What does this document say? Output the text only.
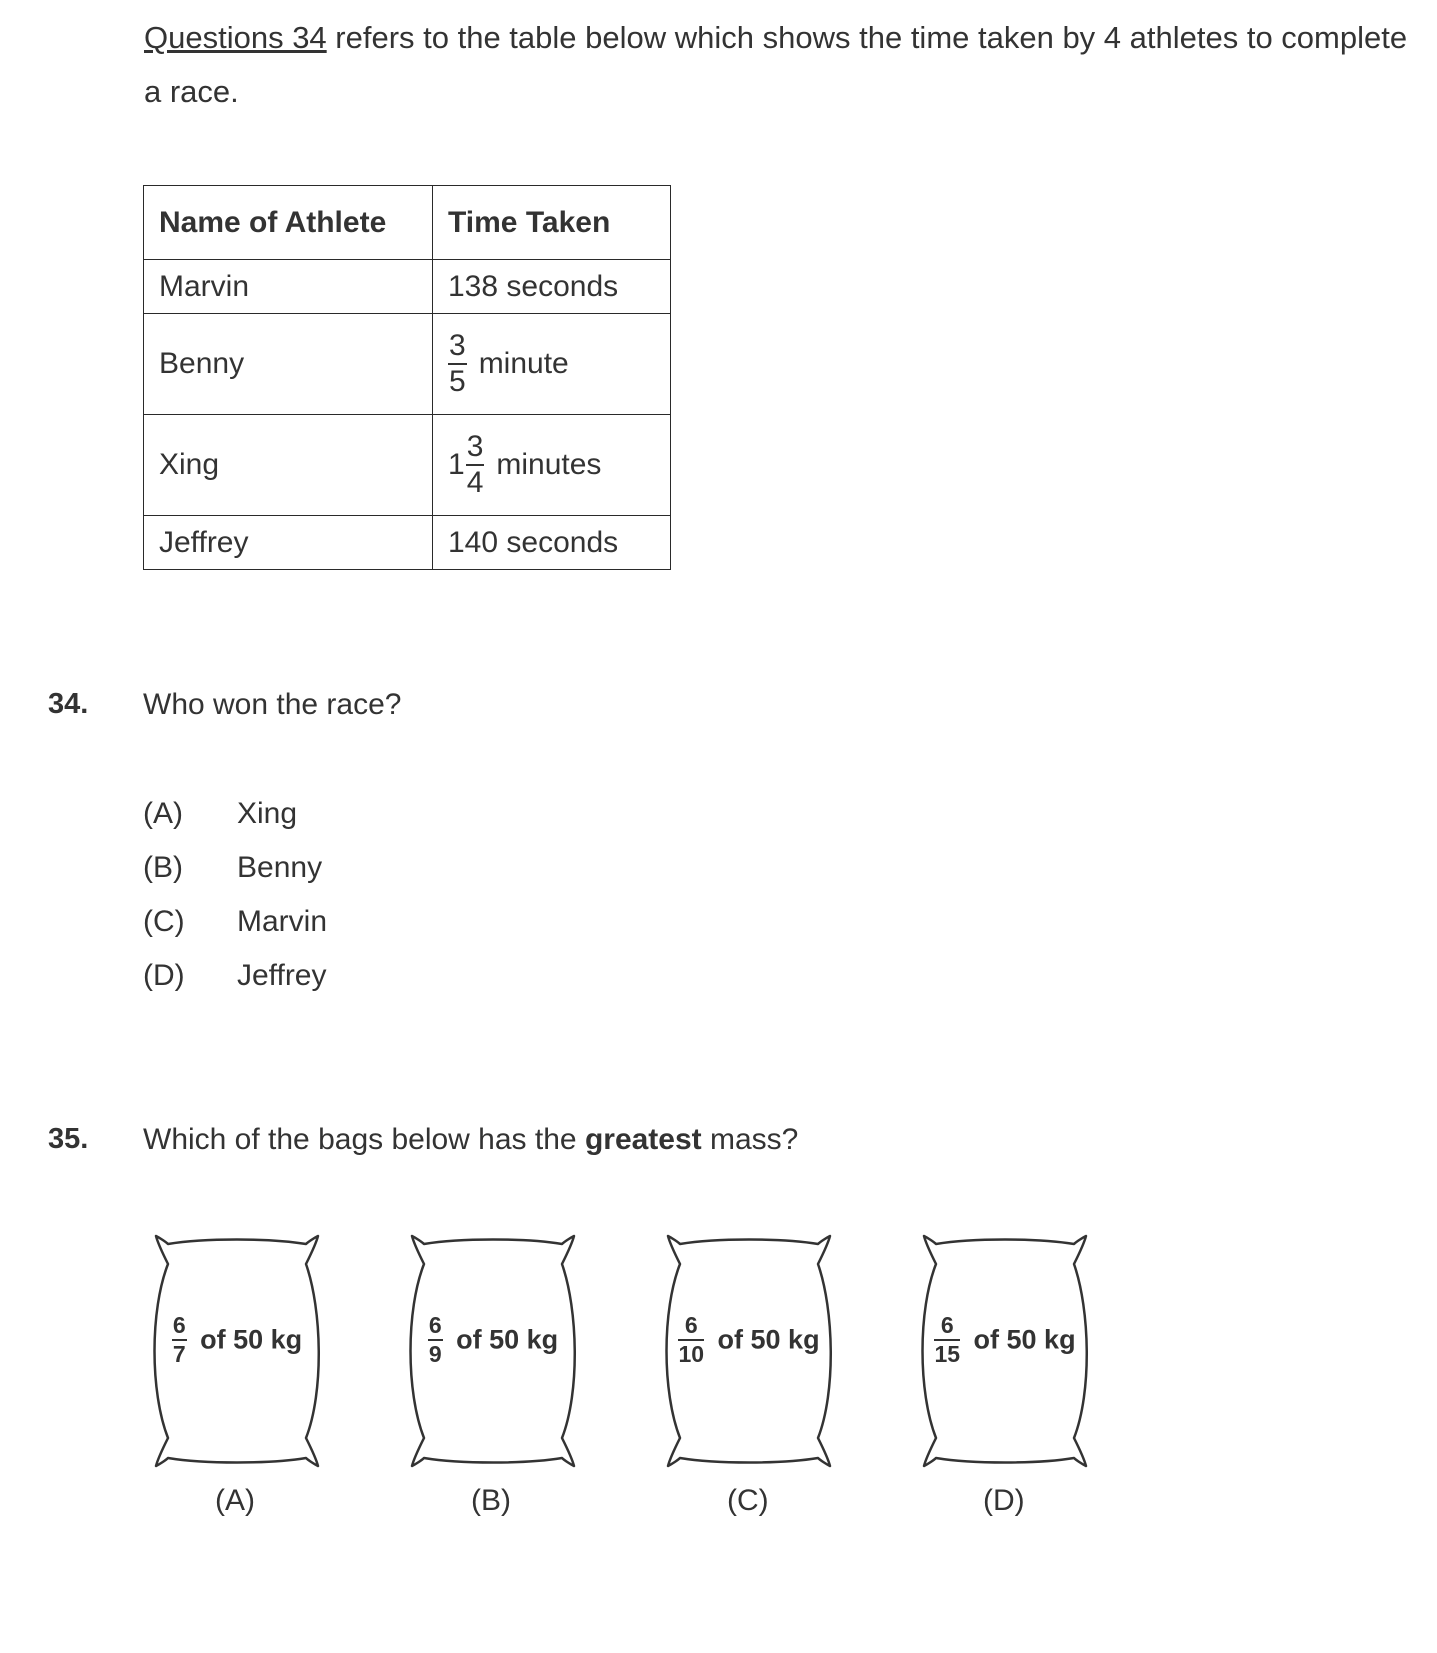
Questions 34 refers to the table below which shows the time taken by 4 athletes to complete
a race.
Name of Athlete	Time Taken
Marvin	138 seconds
Benny	$\frac{3}{5}$ minute
Xing	$1 \frac{3}{4}$ minutes
Jeffrey	140 seconds
34. Who won the race?
(A) Xing
(B) Benny
(C) Marvin
(D) Jeffrey
35. Which of the bags below has the greatest mass?
$\frac{6}{7}$ of 50 kg
(A)
$\frac{6}{9}$ of 50 kg
(B)
$\frac{6}{10}$ of 50 kg
(C)
$\frac{6}{15}$ of 50 kg
(D)
